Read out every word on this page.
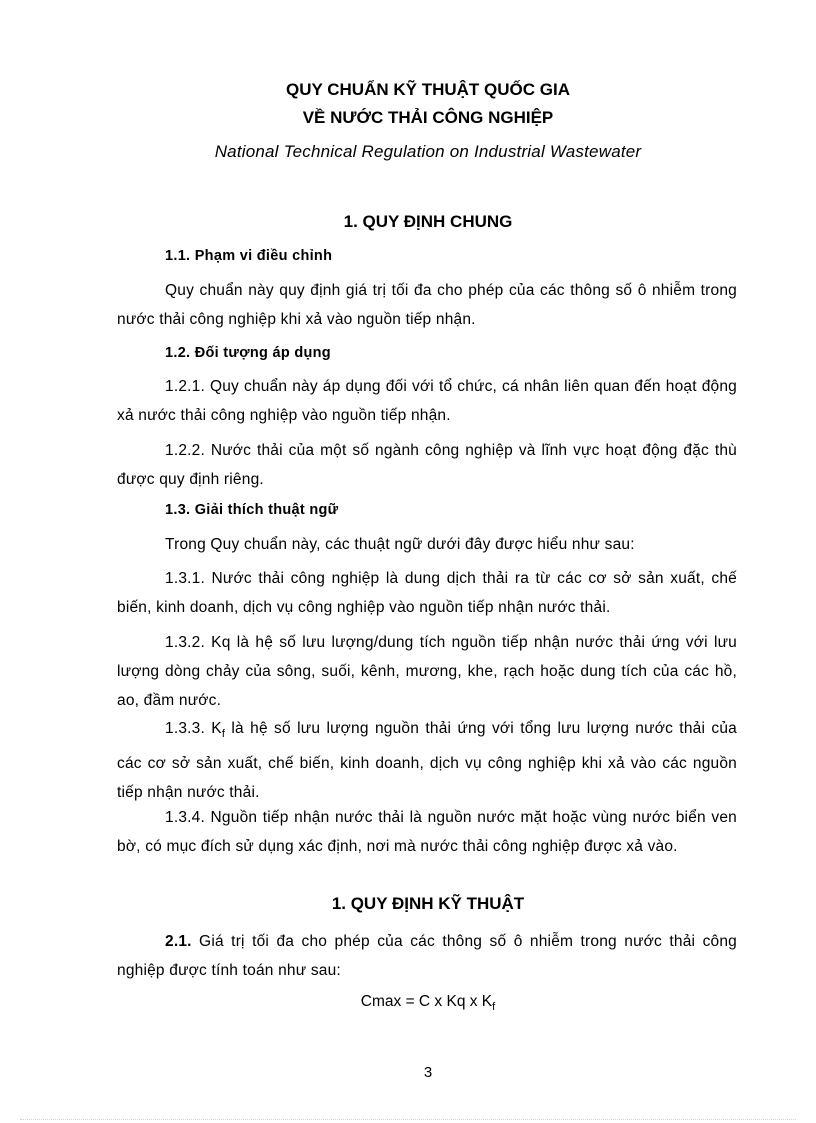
QUY CHUẨN KỸ THUẬT QUỐC GIA
VỀ NƯỚC THẢI CÔNG NGHIỆP
National Technical Regulation on Industrial Wastewater
1. QUY ĐỊNH CHUNG
1.1. Phạm vi điều chỉnh
Quy chuẩn này quy định giá trị tối đa cho phép của các thông số ô nhiễm trong nước thải công nghiệp khi xả vào nguồn tiếp nhận.
1.2. Đối tượng áp dụng
1.2.1. Quy chuẩn này áp dụng đối với tổ chức, cá nhân liên quan đến hoạt động xả nước thải công nghiệp vào nguồn tiếp nhận.
1.2.2. Nước thải của một số ngành công nghiệp và lĩnh vực hoạt động đặc thù được quy định riêng.
1.3. Giải thích thuật ngữ
Trong Quy chuẩn này, các thuật ngữ dưới đây được hiểu như sau:
1.3.1. Nước thải công nghiệp là dung dịch thải ra từ các cơ sở sản xuất, chế biến, kinh doanh, dịch vụ công nghiệp vào nguồn tiếp nhận nước thải.
1.3.2. Kq là hệ số lưu lượng/dung tích nguồn tiếp nhận nước thải ứng với lưu lượng dòng chảy của sông, suối, kênh, mương, khe, rạch hoặc dung tích của các hồ, ao, đầm nước.
1.3.3. $K_f$ là hệ số lưu lượng nguồn thải ứng với tổng lưu lượng nước thải của các cơ sở sản xuất, chế biến, kinh doanh, dịch vụ công nghiệp khi xả vào các nguồn tiếp nhận nước thải.
1.3.4. Nguồn tiếp nhận nước thải là nguồn nước mặt hoặc vùng nước biển ven bờ, có mục đích sử dụng xác định, nơi mà nước thải công nghiệp được xả vào.
1. QUY ĐỊNH KỸ THUẬT
2.1. Giá trị tối đa cho phép của các thông số ô nhiễm trong nước thải công nghiệp được tính toán như sau:
Cmax = C x Kq x $K_f$
3
